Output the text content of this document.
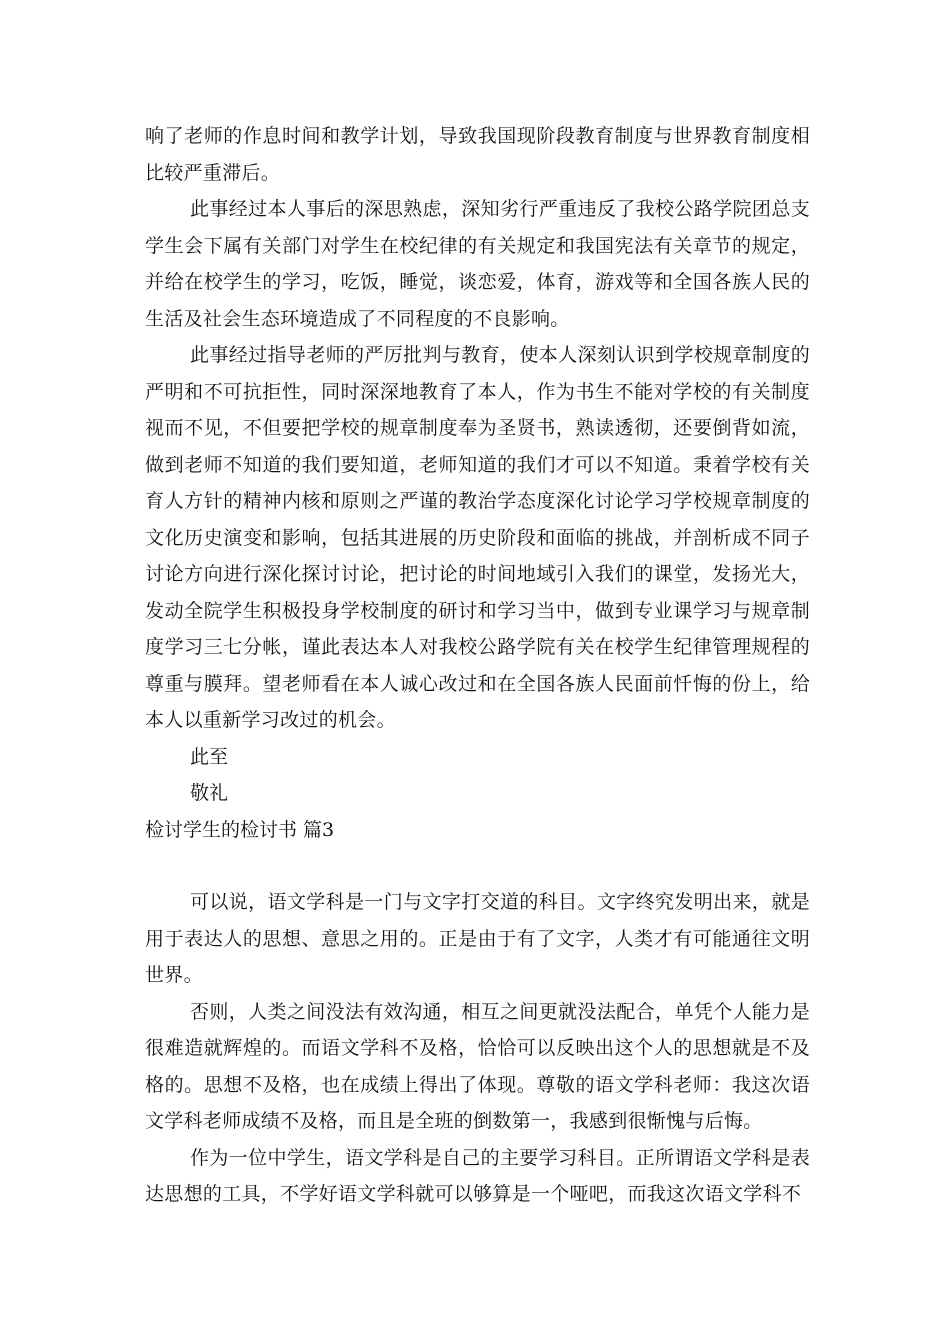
响了老师的作息时间和教学计划，导致我国现阶段教育制度与世界教育制度相比较严重滞后。

此事经过本人事后的深思熟虑，深知劣行严重违反了我校公路学院团总支学生会下属有关部门对学生在校纪律的有关规定和我国宪法有关章节的规定，并给在校学生的学习，吃饭，睡觉，谈恋爱，体育，游戏等和全国各族人民的生活及社会生态环境造成了不同程度的不良影响。

此事经过指导老师的严厉批判与教育，使本人深刻认识到学校规章制度的严明和不可抗拒性，同时深深地教育了本人，作为书生不能对学校的有关制度视而不见，不但要把学校的规章制度奉为圣贤书，熟读透彻，还要倒背如流，做到老师不知道的我们要知道，老师知道的我们才可以不知道。秉着学校有关育人方针的精神内核和原则之严谨的教治学态度深化讨论学习学校规章制度的文化历史演变和影响，包括其进展的历史阶段和面临的挑战，并剖析成不同子讨论方向进行深化探讨讨论，把讨论的时间地域引入我们的课堂，发扬光大，发动全院学生积极投身学校制度的研讨和学习当中，做到专业课学习与规章制度学习三七分帐，谨此表达本人对我校公路学院有关在校学生纪律管理规程的尊重与膜拜。望老师看在本人诚心改过和在全国各族人民面前忏悔的份上，给本人以重新学习改过的机会。

此至

敬礼

检讨学生的检讨书 篇3

可以说，语文学科是一门与文字打交道的科目。文字终究发明出来，就是用于表达人的思想、意思之用的。正是由于有了文字，人类才有可能通往文明世界。

否则，人类之间没法有效沟通，相互之间更就没法配合，单凭个人能力是很难造就辉煌的。而语文学科不及格，恰恰可以反映出这个人的思想就是不及格的。思想不及格，也在成绩上得出了体现。尊敬的语文学科老师：我这次语文学科老师成绩不及格，而且是全班的倒数第一，我感到很惭愧与后悔。

作为一位中学生，语文学科是自己的主要学习科目。正所谓语文学科是表达思想的工具，不学好语文学科就可以够算是一个哑吧，而我这次语文学科不
